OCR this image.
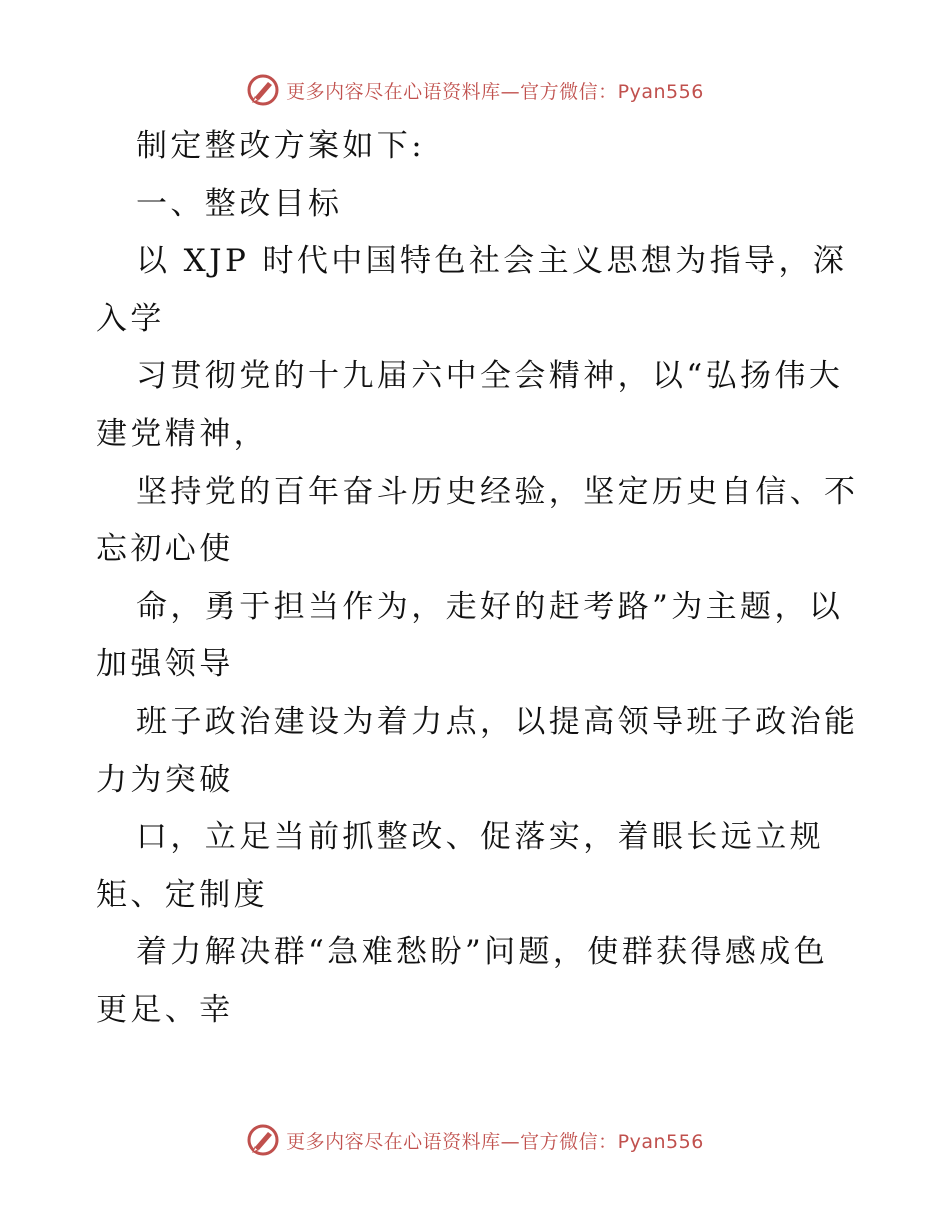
更多内容尽在心语资料库—官方微信：Pyan556
制定整改方案如下:
一、整改目标
以 XJP 时代中国特色社会主义思想为指导，深
入学
习贯彻党的十九届六中全会精神，以“弘扬伟大
建党精神，
坚持党的百年奋斗历史经验，坚定历史自信、不
忘初心使
命，勇于担当作为，走好的赶考路”为主题，以
加强领导
班子政治建设为着力点，以提高领导班子政治能
力为突破
口，立足当前抓整改、促落实，着眼长远立规
矩、定制度
着力解决群“急难愁盼”问题，使群获得感成色
更足、幸
更多内容尽在心语资料库—官方微信：Pyan556
